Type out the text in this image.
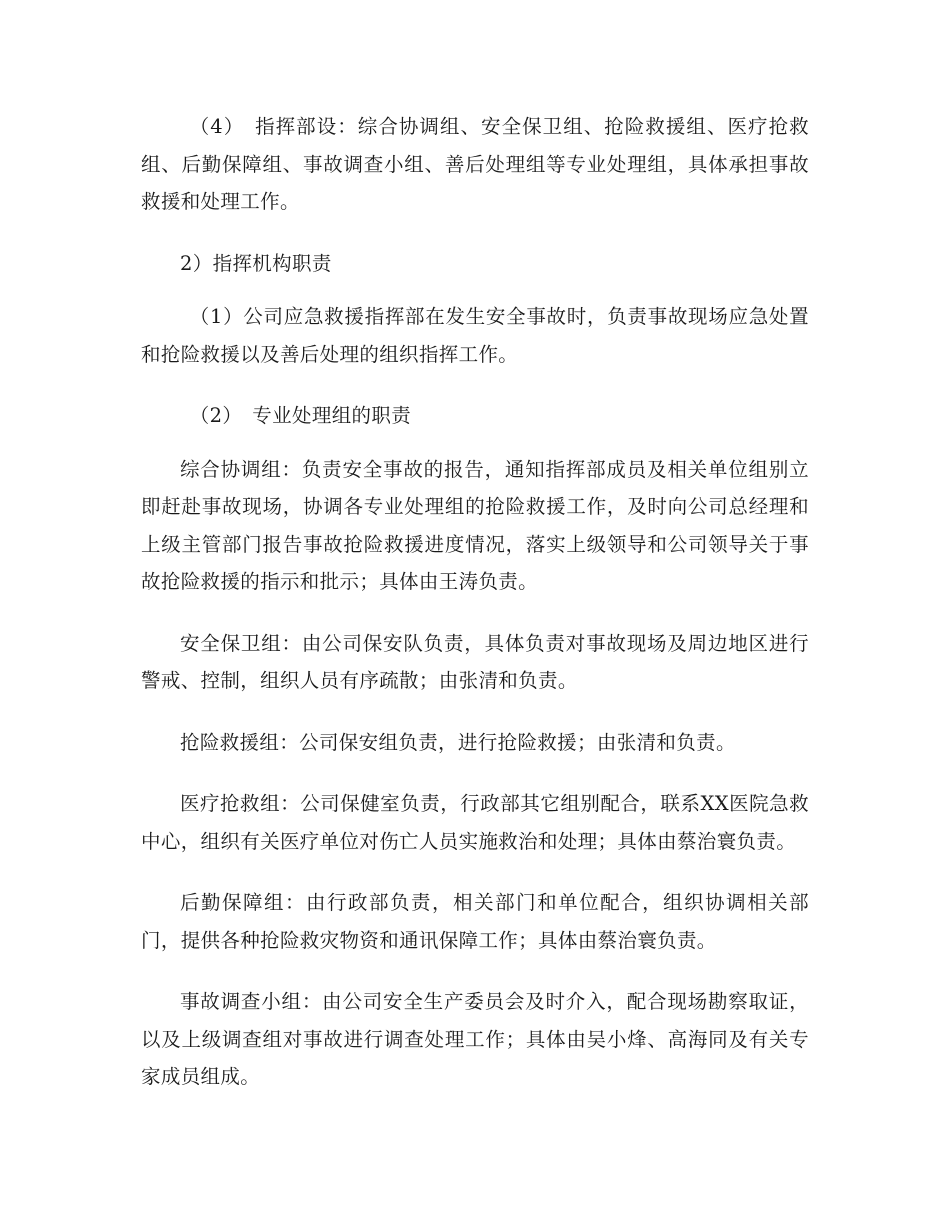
（4）　指挥部设：综合协调组、安全保卫组、抢险救援组、医疗抢救组、后勤保障组、事故调查小组、善后处理组等专业处理组，具体承担事故救援和处理工作。

2）指挥机构职责

（1）公司应急救援指挥部在发生安全事故时，负责事故现场应急处置和抢险救援以及善后处理的组织指挥工作。

（2）　专业处理组的职责

综合协调组：负责安全事故的报告，通知指挥部成员及相关单位组别立即赶赴事故现场，协调各专业处理组的抢险救援工作，及时向公司总经理和上级主管部门报告事故抢险救援进度情况，落实上级领导和公司领导关于事故抢险救援的指示和批示；具体由王涛负责。

安全保卫组：由公司保安队负责，具体负责对事故现场及周边地区进行警戒、控制，组织人员有序疏散；由张清和负责。

抢险救援组：公司保安组负责，进行抢险救援；由张清和负责。

医疗抢救组：公司保健室负责，行政部其它组别配合，联系XX医院急救中心，组织有关医疗单位对伤亡人员实施救治和处理；具体由蔡治寰负责。

后勤保障组：由行政部负责，相关部门和单位配合，组织协调相关部门，提供各种抢险救灾物资和通讯保障工作；具体由蔡治寰负责。

事故调查小组：由公司安全生产委员会及时介入，配合现场勘察取证，以及上级调查组对事故进行调查处理工作；具体由吴小烽、高海同及有关专家成员组成。
